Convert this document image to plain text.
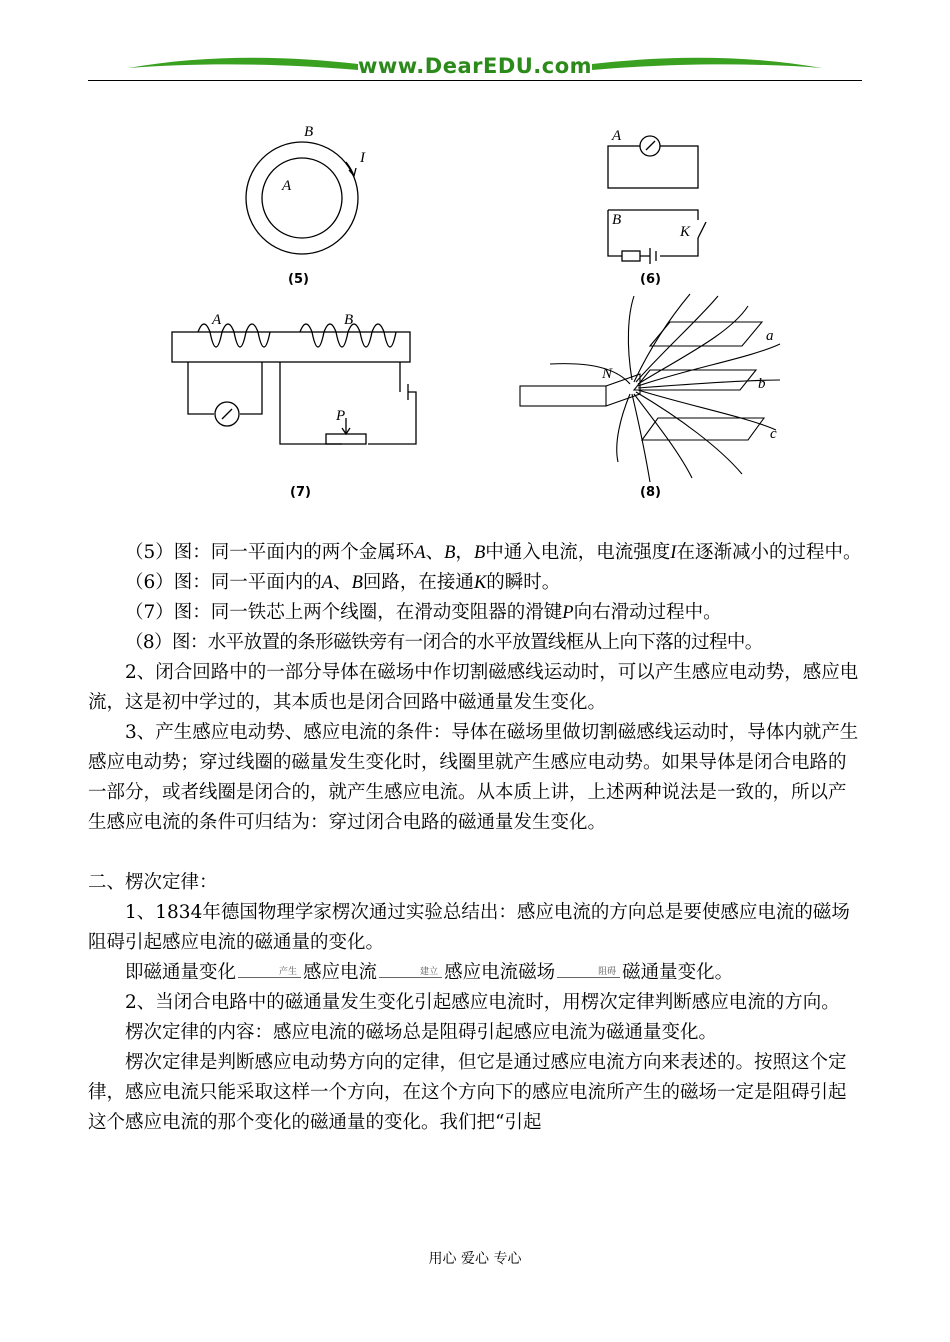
www.DearEDU.com
B
A
I
(5)
A
B
K
(6)
A
P
B
(7)
N
a
b
c
(8)

（5）图：同一平面内的两个金属环A、B，B中通入电流，电流强度I在逐渐减小的过程中。

（6）图：同一平面内的A、B回路，在接通K的瞬时。

（7）图：同一铁芯上两个线圈，在滑动变阻器的滑键P向右滑动过程中。

（8）图：水平放置的条形磁铁旁有一闭合的水平放置线框从上向下落的过程中。

2、闭合回路中的一部分导体在磁场中作切割磁感线运动时，可以产生感应电动势，感应电流，这是初中学过的，其本质也是闭合回路中磁通量发生变化。

3、产生感应电动势、感应电流的条件：导体在磁场里做切割磁感线运动时，导体内就产生感应电动势；穿过线圈的磁量发生变化时，线圈里就产生感应电动势。如果导体是闭合电路的一部分，或者线圈是闭合的，就产生感应电流。从本质上讲，上述两种说法是一致的，所以产生感应电流的条件可归结为：穿过闭合电路的磁通量发生变化。

二、楞次定律：

1、1834年德国物理学家楞次通过实验总结出：感应电流的方向总是要使感应电流的磁场阻碍引起感应电流的磁通量的变化。

即磁通量变化	产生 感应电流	建立 感应电流磁场	阻碍 磁通量变化。

2、当闭合电路中的磁通量发生变化引起感应电流时，用楞次定律判断感应电流的方向。

楞次定律的内容：感应电流的磁场总是阻碍引起感应电流为磁通量变化。

楞次定律是判断感应电动势方向的定律，但它是通过感应电流方向来表述的。按照这个定律，感应电流只能采取这样一个方向，在这个方向下的感应电流所产生的磁场一定是阻碍引起这个感应电流的那个变化的磁通量的变化。我们把“引起

用心 爱心 专心
